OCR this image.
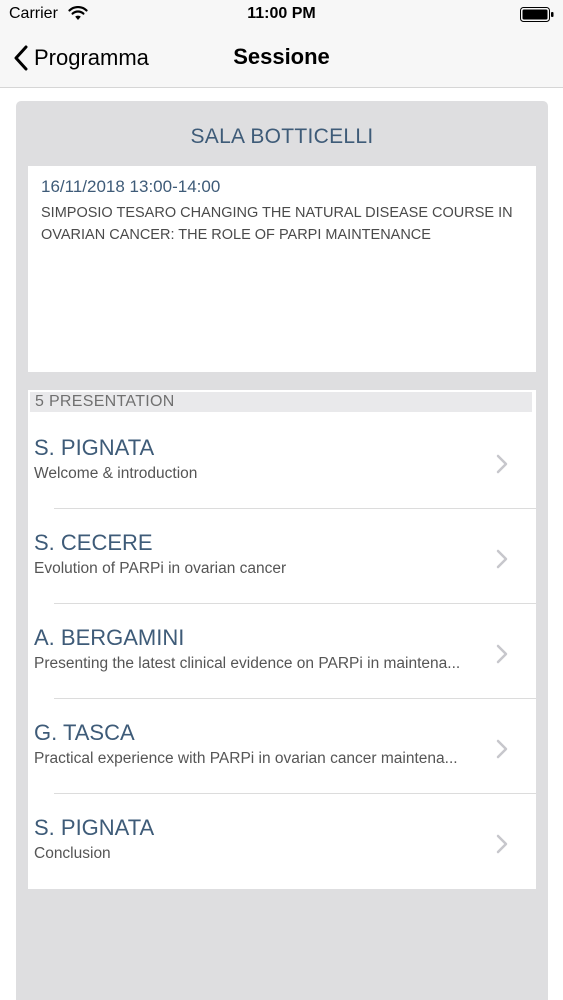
Carrier	11:00 PM
Programma	Sessione
SALA BOTTICELLI
16/11/2018 13:00-14:00
SIMPOSIO TESARO CHANGING THE NATURAL DISEASE COURSE IN OVARIAN CANCER: THE ROLE OF PARPI MAINTENANCE
5 PRESENTATION
S. PIGNATA
Welcome & introduction
S. CECERE
Evolution of PARPi in ovarian cancer
A. BERGAMINI
Presenting the latest clinical evidence on PARPi in maintena...
G. TASCA
Practical experience with PARPi in ovarian cancer maintena...
S. PIGNATA
Conclusion
